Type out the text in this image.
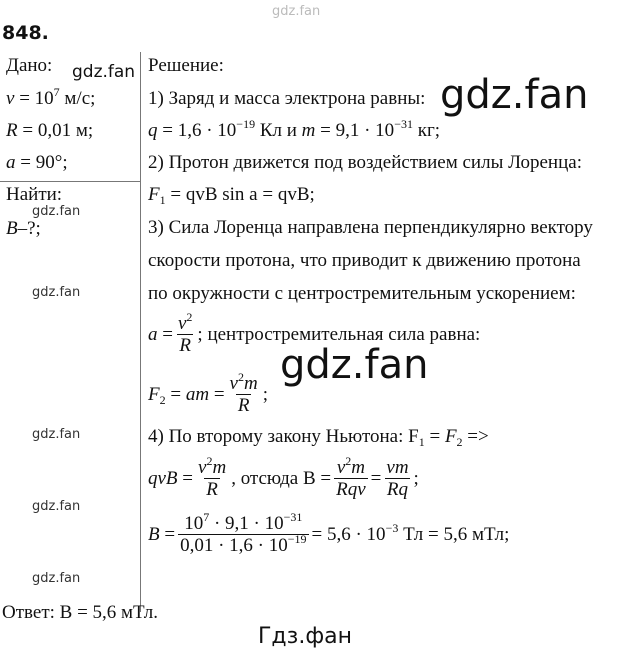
gdz.fan
848.
Дано:
$v = 10^7$ м/с;
R = 0,01 м;
a = 90°;
Найти:
B–?;
Решение:
1) Заряд и масса электрона равны:
$q = 1,6 \cdot 10^{-19}$ Кл и $m = 9,1 \cdot 10^{-31}$ кг;
2) Протон движется под воздействием силы Лоренца:
$F_1$ = qvB sin a = qvB;
3) Сила Лоренца направлена перпендикулярно вектору
скорости протона, что приводит к движению протона
по окружности с центростремительным ускорением:
$a = \frac{v^2}{R}$ ; центростремительная сила равна:
$F_2$ = am = $\frac{v^2m}{R}$ ;
4) По второму закону Ньютона: $F_1 = F_2$ =>
qvB = $\frac{v^2m}{R}$ , отсюда $B = \frac{v^2m}{\text{Rqv}} = \frac{vm}{Rq}$ ;
$B = \frac{10^7 \cdot 9,1 \cdot 10^{-31}}{0,01 \cdot 1,6 \cdot 10^{-19}} = 5,6 \cdot 10^{-3}$ Тл = 5,6 мТл;
Ответ: B = 5,6 мТл.
gdz.fan
gdz.fan
gdz.fan
gdz.fan
gdz.fan
gdz.fan
gdz.fan
gdz.fan
Гдз.фан
